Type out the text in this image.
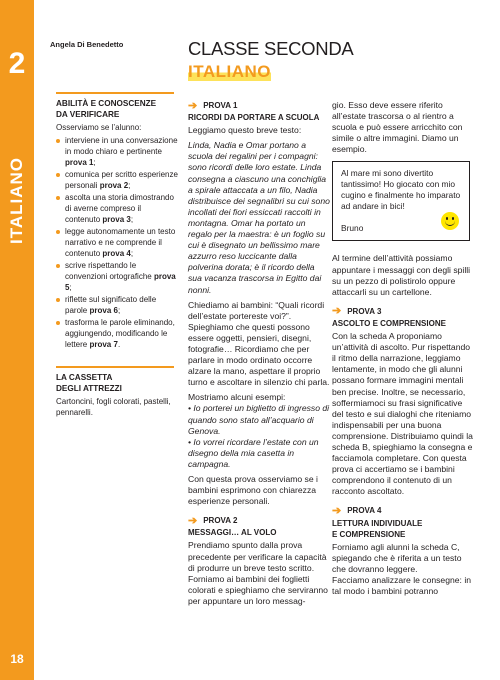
2
ITALIANO
18
Angela Di Benedetto
ABILITÀ E CONOSCENZE
DA VERIFICARE
Osserviamo se l’alunno:
interviene in una conversazione in modo chiaro e pertinente prova 1;
comunica per scritto esperienze personali prova 2;
ascolta una storia dimostrando di averne compreso il contenuto prova 3;
legge autonomamente un testo narrativo e ne comprende il contenuto prova 4;
scrive rispettando le convenzioni ortografiche prova 5;
riflette sul significato delle parole prova 6;
trasforma le parole eliminando, aggiungendo, modificando le lettere prova 7.
LA CASSETTA
DEGLI ATTREZZI
Cartoncini, fogli colorati, pastelli, pennarelli.
CLASSE SECONDA
ITALIANO
➔ PROVA 1
RICORDI DA PORTARE A SCUOLA

Leggiamo questo breve testo:

Linda, Nadia e Omar portano a scuola dei regalini per i compagni: sono ricordi delle loro estate. Linda consegna a ciascuno una conchiglia a spirale attaccata a un filo, Nadia distribuisce dei segnalibri su cui sono incollati dei fiori essiccati raccolti in montagna. Omar ha portato un regalo per la maestra: è un foglio su cui è disegnato un bellissimo mare azzurro reso luccicante dalla polverina dorata; è il ricordo della sua vacanza trascorsa in Egitto dai nonni.

Chiediamo ai bambini: “Quali ricordi dell’estate portereste voi?”. Spieghiamo che questi possono essere oggetti, pensieri, disegni, fotografie… Ricordiamo che per parlare in modo ordinato occorre alzare la mano, aspettare il proprio turno e ascoltare in silenzio chi parla.

Mostriamo alcuni esempi:

• Io porterei un biglietto di ingresso di quando sono stato all’acquario di Genova.

• Io vorrei ricordare l’estate con un disegno della mia casetta in campagna.

Con questa prova osserviamo se i bambini esprimono con chiarezza esperienze personali.

➔ PROVA 2
MESSAGGI… AL VOLO

Prendiamo spunto dalla prova precedente per verificare la capacità di produrre un breve testo scritto. Forniamo ai bambini dei foglietti colorati e spieghiamo che serviranno per appuntare un loro messag-

gio. Esso deve essere riferito all’estate trascorsa o al rientro a scuola e può essere arricchito con simile o altre immagini. Diamo un esempio.

Al mare mi sono divertito tantissimo! Ho giocato con mio cugino e finalmente ho imparato ad andare in bici!
Bruno

Al termine dell’attività possiamo appuntare i messaggi con degli spilli su un pezzo di polistirolo oppure attaccarli su un cartellone.

➔ PROVA 3
ASCOLTO E COMPRENSIONE

Con la scheda A proponiamo un’attività di ascolto. Pur rispettando il ritmo della narrazione, leggiamo lentamente, in modo che gli alunni possano formare immagini mentali ben precise. Inoltre, se necessario, soffermiamoci su frasi significative del testo e sui dialoghi che riteniamo indispensabili per una buona comprensione. Distribuiamo quindi la scheda B, spieghiamo la consegna e facciamola completare. Con questa prova ci accertiamo se i bambini comprendono il contenuto di un racconto ascoltato.

➔ PROVA 4
LETTURA INDIVIDUALE
E COMPRENSIONE

Forniamo agli alunni la scheda C, spiegando che è riferita a un testo che dovranno leggere.

Facciamo analizzare le consegne: in tal modo i bambini potranno
